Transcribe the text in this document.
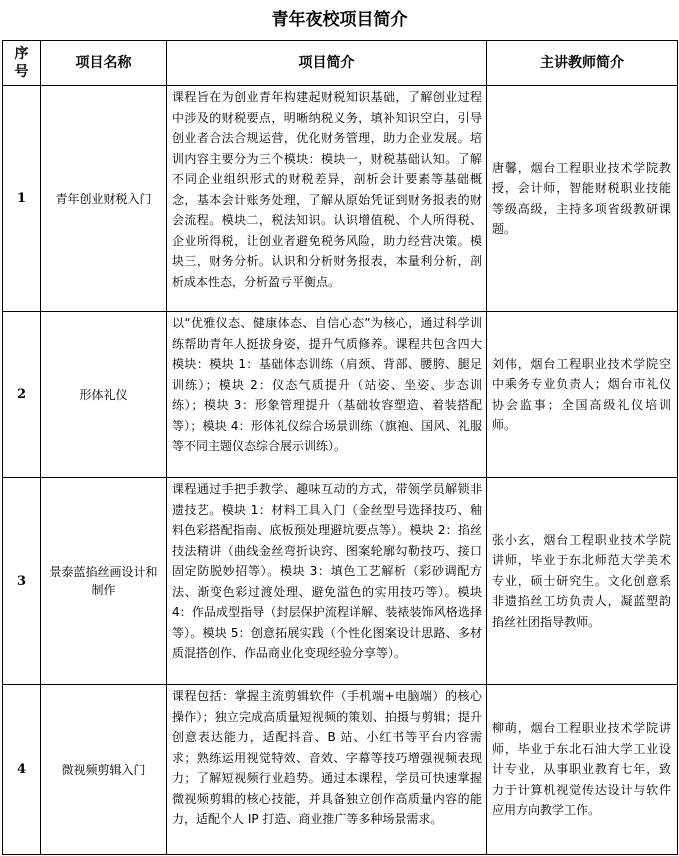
青年夜校项目简介
序号	项目名称	项目简介	主讲教师简介
1	青年创业财税入门	课程旨在为创业青年构建起财税知识基础，了解创业过程中涉及的财税要点，明晰纳税义务，填补知识空白，引导创业者合法合规运营，优化财务管理，助力企业发展。培训内容主要分为三个模块：模块一，财税基础认知。了解不同企业组织形式的财税差异，剖析会计要素等基础概念，基本会计账务处理，了解从原始凭证到财务报表的财会流程。模块二，税法知识。认识增值税、个人所得税、企业所得税，让创业者避免税务风险，助力经营决策。模块三，财务分析。认识和分析财务报表，本量利分析，剖析成本性态，分析盈亏平衡点。	唐馨，烟台工程职业技术学院教授，会计师，智能财税职业技能等级高级，主持多项省级教研课题。
2	形体礼仪	以“优雅仪态、健康体态、自信心态”为核心，通过科学训练帮助青年人挺拔身姿，提升气质修养。课程共包含四大模块：模块 1：基础体态训练（肩颈、背部、腰胯、腿足训练）；模块 2：仪态气质提升（站姿、坐姿、步态训练）；模块 3：形象管理提升（基础妆容塑造、着装搭配等）；模块 4：形体礼仪综合场景训练（旗袍、国风、礼服等不同主题仪态综合展示训练）。	刘伟，烟台工程职业技术学院空中乘务专业负责人；烟台市礼仪协会监事；全国高级礼仪培训师。
3	景泰蓝掐丝画设计和制作	课程通过手把手教学、趣味互动的方式，带领学员解锁非遗技艺。模块 1：材料工具入门（金丝型号选择技巧、釉料色彩搭配指南、底板预处理避坑要点等）。模块 2：掐丝技法精讲（曲线金丝弯折诀窍、图案轮廓勾勒技巧、接口固定防脱妙招等）。模块 3：填色工艺解析（彩砂调配方法、渐变色彩过渡处理、避免溢色的实用技巧等）。模块 4：作品成型指导（封层保护流程详解、装裱装饰风格选择等）。模块 5：创意拓展实践（个性化图案设计思路、多材质混搭创作、作品商业化变现经验分享等）。	张小玄，烟台工程职业技术学院讲师，毕业于东北师范大学美术专业，硕士研究生。文化创意系非遗掐丝工坊负责人，凝蓝塑韵掐丝社团指导教师。
4	微视频剪辑入门	课程包括：掌握主流剪辑软件（手机端+电脑端）的核心操作）；独立完成高质量短视频的策划、拍摄与剪辑；提升创意表达能力，适配抖音、B 站、小红书等平台内容需求；熟练运用视觉特效、音效、字幕等技巧增强视频表现力；了解短视频行业趋势。通过本课程，学员可快速掌握微视频剪辑的核心技能，并具备独立创作高质量内容的能力，适配个人 IP 打造、商业推广等多种场景需求。	柳萌，烟台工程职业技术学院讲师，毕业于东北石油大学工业设计专业，从事职业教育七年，致力于计算机视觉传达设计与软件应用方向教学工作。
